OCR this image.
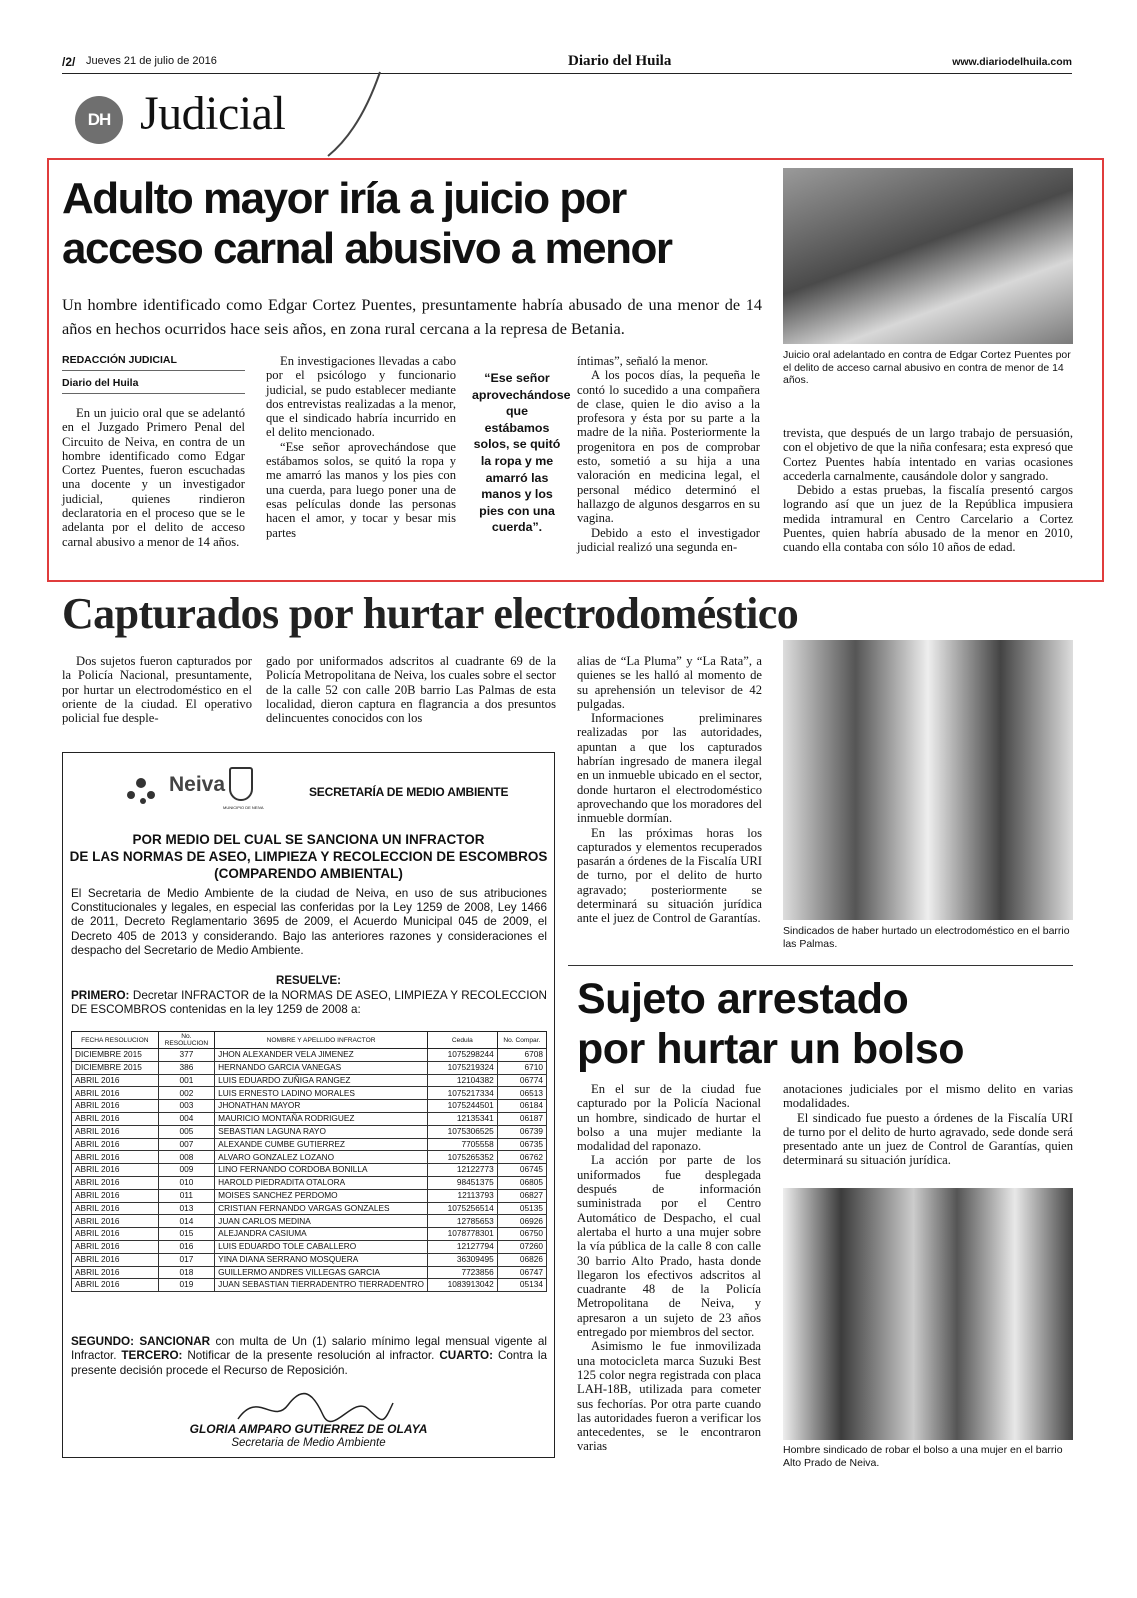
/2/ Jueves 21 de julio de 2016	Diario del Huila	www.diariodelhuila.com
DH Judicial
Adulto mayor iría a juicio por
acceso carnal abusivo a menor
Un hombre identificado como Edgar Cortez Puentes, presuntamente habría abusado de una menor de 14 años en hechos ocurridos hace seis años, en zona rural cercana a la represa de Betania.
Juicio oral adelantado en contra de Edgar Cortez Puentes por el delito de acceso carnal abusivo en contra de menor de 14 años.
REDACCIÓN JUDICIAL
Diario del Huila

En un juicio oral que se adelantó en el Juzgado Primero Penal del Circuito de Neiva, en contra de un hombre identificado como Edgar Cortez Puentes, fueron escuchadas una docente y un investigador judicial, quienes rindieron declaratoria en el proceso que se le adelanta por el delito de acceso carnal abusivo a menor de 14 años.

En investigaciones llevadas a cabo por el psicólogo y funcionario judicial, se pudo establecer mediante dos entrevistas realizadas a la menor, que el sindicado habría incurrido en el delito mencionado.

“Ese señor aprovechándose que estábamos solos, se quitó la ropa y me amarró las manos y los pies con una cuerda, para luego poner una de esas películas donde las personas hacen el amor, y tocar y besar mis partes

“Ese señor aprovechándose que estábamos solos, se quitó la ropa y me amarró las manos y los pies con una cuerda”.

íntimas”, señaló la menor.

A los pocos días, la pequeña le contó lo sucedido a una compañera de clase, quien le dio aviso a la profesora y ésta por su parte a la madre de la niña. Posteriormente la progenitora en pos de comprobar esto, sometió a su hija a una valoración en medicina legal, el personal médico determinó el hallazgo de algunos desgarros en su vagina.

Debido a esto el investigador judicial realizó una segunda en-

trevista, que después de un largo trabajo de persuasión, con el objetivo de que la niña confesara; esta expresó que Cortez Puentes había intentado en varias ocasiones accederla carnalmente, causándole dolor y sangrado.

Debido a estas pruebas, la fiscalía presentó cargos logrando así que un juez de la República impusiera medida intramural en Centro Carcelario a Cortez Puentes, quien habría abusado de la menor en 2010, cuando ella contaba con sólo 10 años de edad.

Capturados por hurtar electrodoméstico

Dos sujetos fueron capturados por la Policía Nacional, presuntamente, por hurtar un electrodoméstico en el oriente de la ciudad. El operativo policial fue desple-

gado por uniformados adscritos al cuadrante 69 de la Policía Metropolitana de Neiva, los cuales sobre el sector de la calle 52 con calle 20B barrio Las Palmas de esta localidad, dieron captura en flagrancia a dos presuntos delincuentes conocidos con los

alias de “La Pluma” y “La Rata”, a quienes se les halló al momento de su aprehensión un televisor de 42 pulgadas.

Informaciones preliminares realizadas por las autoridades, apuntan a que los capturados habrían ingresado de manera ilegal en un inmueble ubicado en el sector, donde hurtaron el electrodoméstico aprovechando que los moradores del inmueble dormían.

En las próximas horas los capturados y elementos recuperados pasarán a órdenes de la Fiscalía URI de turno, por el delito de hurto agravado; posteriormente se determinará su situación jurídica ante el juez de Control de Garantías.

Sindicados de haber hurtado un electrodoméstico en el barrio las Palmas.
Neiva
MUNICIPIO DE NEIVA
SECRETARÍA DE MEDIO AMBIENTE
POR MEDIO DEL CUAL SE SANCIONA UN INFRACTOR
DE LAS NORMAS DE ASEO, LIMPIEZA Y RECOLECCION DE ESCOMBROS
(COMPARENDO AMBIENTAL)
El Secretaria de Medio Ambiente de la ciudad de Neiva, en uso de sus atribuciones Constitucionales y legales, en especial las conferidas por la Ley 1259 de 2008, Ley 1466 de 2011, Decreto Reglamentario 3695 de 2009, el Acuerdo Municipal 045 de 2009, el Decreto 405 de 2013 y considerando. Bajo las anteriores razones y consideraciones el despacho del Secretario de Medio Ambiente.
RESUELVE:
PRIMERO: Decretar INFRACTOR de la NORMAS DE ASEO, LIMPIEZA Y RECOLECCION DE ESCOMBROS contenidas en la ley 1259 de 2008 a:
FECHA RESOLUCION	No. RESOLUCION	NOMBRE Y APELLIDO INFRACTOR	Cedula	No. Compar.
DICIEMBRE 2015	377	JHON ALEXANDER VELA JIMENEZ	1075298244	6708
DICIEMBRE 2015	386	HERNANDO GARCIA VANEGAS	1075219324	6710
ABRIL 2016	001	LUIS EDUARDO ZUÑIGA RANGEZ	12104382	06774
ABRIL 2016	002	LUIS ERNESTO LADINO MORALES	1075217334	06513
ABRIL 2016	003	JHONATHAN MAYOR	1075244501	06184
ABRIL 2016	004	MAURICIO MONTAÑA RODRIGUEZ	12135341	06187
ABRIL 2016	005	SEBASTIAN LAGUNA RAYO	1075306525	06739
ABRIL 2016	007	ALEXANDE CUMBE GUTIERREZ	7705558	06735
ABRIL 2016	008	ALVARO GONZALEZ LOZANO	1075265352	06762
ABRIL 2016	009	LINO FERNANDO CORDOBA BONILLA	12122773	06745
ABRIL 2016	010	HAROLD PIEDRADITA OTALORA	98451375	06805
ABRIL 2016	011	MOISES SANCHEZ PERDOMO	12113793	06827
ABRIL 2016	013	CRISTIAN FERNANDO VARGAS GONZALES	1075256514	05135
ABRIL 2016	014	JUAN CARLOS MEDINA	12785653	06926
ABRIL 2016	015	ALEJANDRA CASIUMA	1078778301	06750
ABRIL 2016	016	LUIS EDUARDO TOLE CABALLERO	12127794	07260
ABRIL 2016	017	YINA DIANA SERRANO MOSQUERA	36309495	06826
ABRIL 2016	018	GUILLERMO ANDRES VILLEGAS GARCIA	7723856	06747
ABRIL 2016	019	JUAN SEBASTIAN TIERRADENTRO TIERRADENTRO	1083913042	05134
SEGUNDO: SANCIONAR con multa de Un (1) salario mínimo legal mensual vigente al Infractor. TERCERO: Notificar de la presente resolución al infractor. CUARTO: Contra la presente decisión procede el Recurso de Reposición.
GLORIA AMPARO GUTIERREZ DE OLAYA
Secretaria de Medio Ambiente
Sujeto arrestado
por hurtar un bolso

En el sur de la ciudad fue capturado por la Policía Nacional un hombre, sindicado de hurtar el bolso a una mujer mediante la modalidad del raponazo.

La acción por parte de los uniformados fue desplegada después de información suministrada por el Centro Automático de Despacho, el cual alertaba el hurto a una mujer sobre la vía pública de la calle 8 con calle 30 barrio Alto Prado, hasta donde llegaron los efectivos adscritos al cuadrante 48 de la Policía Metropolitana de Neiva, y apresaron a un sujeto de 23 años entregado por miembros del sector.

Asimismo le fue inmovilizada una motocicleta marca Suzuki Best 125 color negra registrada con placa LAH-18B, utilizada para cometer sus fechorías. Por otra parte cuando las autoridades fueron a verificar los antecedentes, se le encontraron varias

anotaciones judiciales por el mismo delito en varias modalidades.

El sindicado fue puesto a órdenes de la Fiscalía URI de turno por el delito de hurto agravado, sede donde será presentado ante un juez de Control de Garantías, quien determinará su situación jurídica.

Hombre sindicado de robar el bolso a una mujer en el barrio Alto Prado de Neiva.
